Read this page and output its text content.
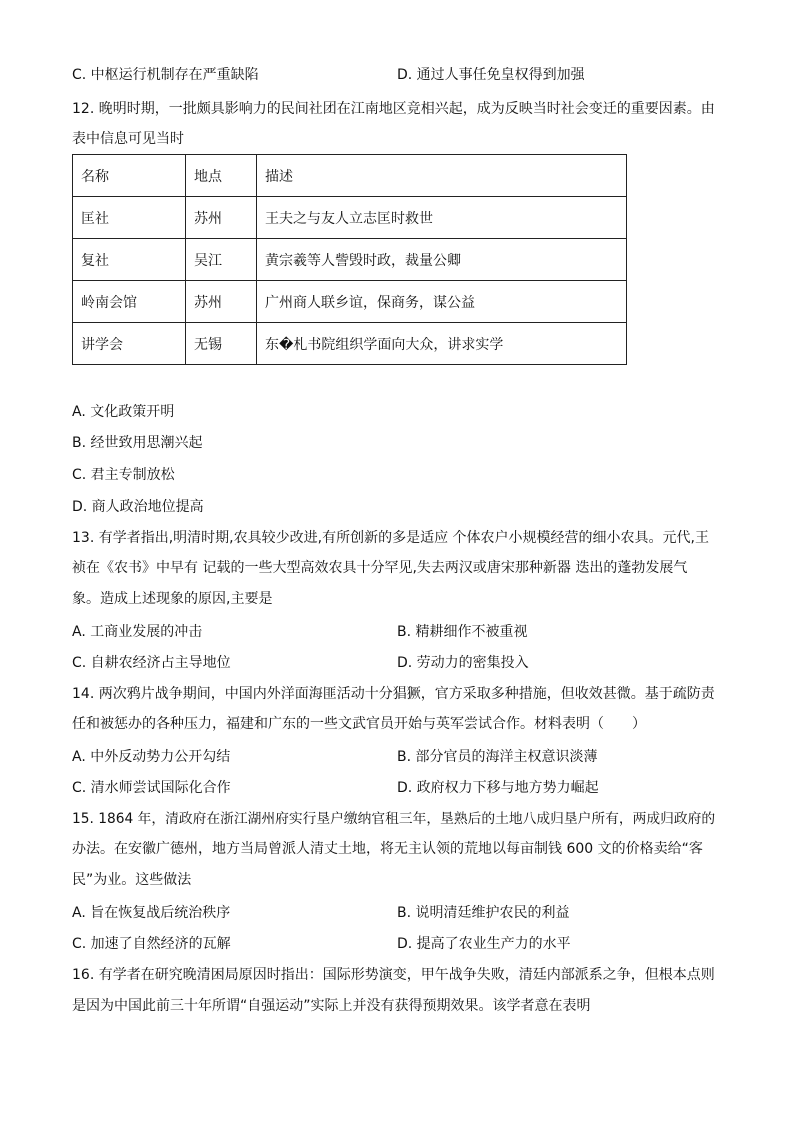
C. 中枢运行机制存在严重缺陷	D. 通过人事任免皇权得到加强
12. 晚明时期，一批颇具影响力的民间社团在江南地区竞相兴起，成为反映当时社会变迁的重要因素。由
表中信息可见当时
名称	地点	描述
匡社	苏州	王夫之与友人立志匡时救世
复社	吴江	黄宗羲等人訾毁时政，裁量公卿
岭南会馆	苏州	广州商人联乡谊，保商务，谋公益
讲学会	无锡	东�札书院组织学面向大众，讲求实学
A. 文化政策开明
B. 经世致用思潮兴起
C. 君主专制放松
D. 商人政治地位提高
13. 有学者指出,明清时期,农具较少改进,有所创新的多是适应 个体农户小规模经营的细小农具。元代,王
祯在《农书》中早有 记载的一些大型高效农具十分罕见,失去两汉或唐宋那种新器 迭出的蓬勃发展气
象。造成上述现象的原因,主要是
A. 工商业发展的冲击	B. 精耕细作不被重视
C. 自耕农经济占主导地位	D. 劳动力的密集投入
14. 两次鸦片战争期间，中国内外洋面海匪活动十分猖獗，官方采取多种措施，但收效甚微。基于疏防责
任和被惩办的各种压力，福建和广东的一些文武官员开始与英军尝试合作。材料表明（　　）
A. 中外反动势力公开勾结	B. 部分官员的海洋主权意识淡薄
C. 清水师尝试国际化合作	D. 政府权力下移与地方势力崛起
15. 1864 年，清政府在浙江湖州府实行垦户缴纳官租三年，垦熟后的土地八成归垦户所有，两成归政府的
办法。在安徽广德州，地方当局曾派人清丈土地，将无主认领的荒地以每亩制钱 600 文的价格卖给“客
民”为业。这些做法
A. 旨在恢复战后统治秩序	B. 说明清廷维护农民的利益
C. 加速了自然经济的瓦解	D. 提高了农业生产力的水平
16. 有学者在研究晚清困局原因时指出：国际形势演变，甲午战争失败，清廷内部派系之争，但根本点则
是因为中国此前三十年所谓“自强运动”实际上并没有获得预期效果。该学者意在表明
